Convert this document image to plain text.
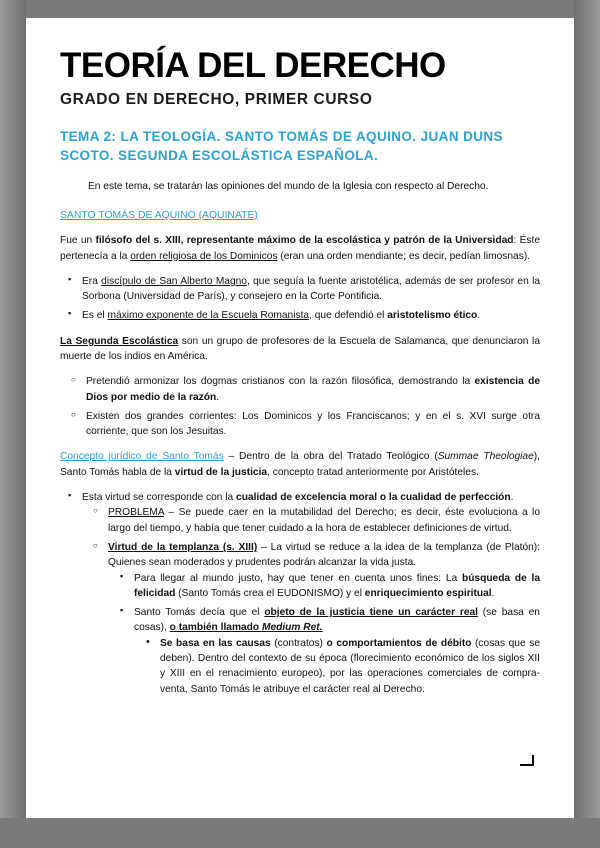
TEORÍA DEL DERECHO
GRADO EN DERECHO, PRIMER CURSO
TEMA 2: LA TEOLOGÍA. SANTO TOMÁS DE AQUINO. JUAN DUNS SCOTO. SEGUNDA ESCOLÁSTICA ESPAÑOLA.

En este tema, se tratarán las opiniones del mundo de la Iglesia con respecto al Derecho.

SANTO TOMÁS DE AQUINO (AQUINATE)

Fue un filósofo del s. XIII, representante máximo de la escolástica y patrón de la Universidad: Éste pertenecía a la orden religiosa de los Dominicos (eran una orden mendiante; es decir, pedían limosnas).

▪ Era discípulo de San Alberto Magno, que seguía la fuente aristotélica, además de ser profesor en la Sorbona (Universidad de París), y consejero en la Corte Pontificia.
▪ Es el máximo exponente de la Escuela Romanista, que defendió el aristotelismo ético.

La Segunda Escolástica son un grupo de profesores de la Escuela de Salamanca, que denunciaron la muerte de los indios en América.

○ Pretendió armonizar los dogmas cristianos con la razón filosófica, demostrando la existencia de Dios por medio de la razón.
○ Existen dos grandes corrientes: Los Dominicos y los Franciscanos; y en el s. XVI surge otra corriente, que son los Jesuitas.

Concepto jurídico de Santo Tomás – Dentro de la obra del Tratado Teológico (Summae Theologiae), Santo Tomás habla de la virtud de la justicia, concepto tratad anteriormente por Aristóteles.

▪ Esta virtud se corresponde con la cualidad de excelencia moral o la cualidad de perfección.
○ PROBLEMA – Se puede caer en la mutabilidad del Derecho; es decir, éste evoluciona a lo largo del tiempo, y había que tener cuidado a la hora de establecer definiciones de virtud.
○ Virtud de la templanza (s. XIII) – La virtud se reduce a la idea de la templanza (de Platón): Quienes sean moderados y prudentes podrán alcanzar la vida justa.
▪ Para llegar al mundo justo, hay que tener en cuenta unos fines: La búsqueda de la felicidad (Santo Tomás crea el EUDONISMO) y el enriquecimiento espiritual.
▪ Santo Tomás decía que el objeto de la justicia tiene un carácter real (se basa en cosas), o también llamado Medium Ret.
• Se basa en las causas (contratos) o comportamientos de débito (cosas que se deben). Dentro del contexto de su época (florecimiento económico de los siglos XII y XIII en el renacimiento europeo), por las operaciones comerciales de compra-venta, Santo Tomás le atribuye el carácter real al Derecho.
